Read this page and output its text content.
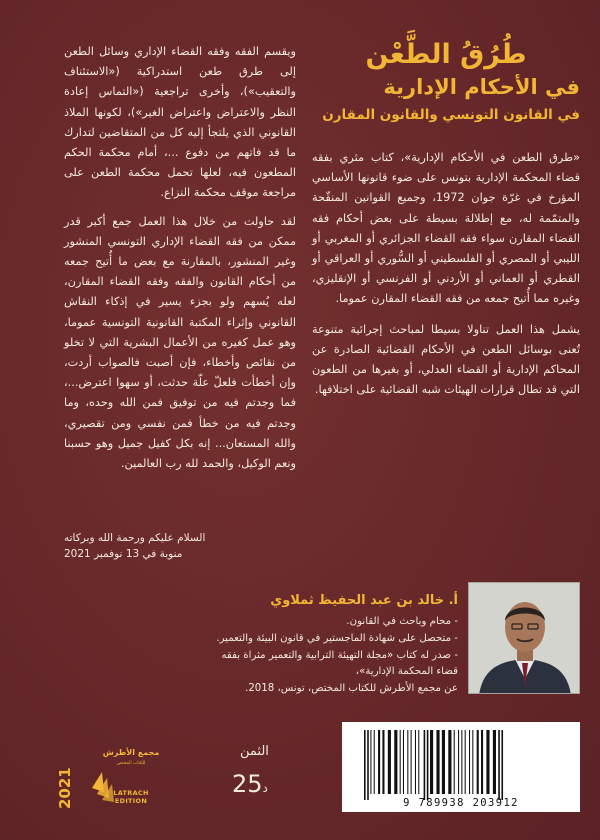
طُرُقُ الطَّعْن
في الأحكام الإدارية
في القانون التونسي والقانون المقارن

«طرق الطعن في الأحكام الإدارية»، كتاب مثري بفقه قضاء المحكمة الإدارية بتونس على ضوء قانونها الأساسي المؤرخ في غرّة جوان 1972، وجميع القوانين المنقّحة والمتمّمة له، مع إطلالة بسيطة على بعض أحكام فقه القضاء المقارن سواء فقه القضاء الجزائري أو المغربي أو الليبي أو المصري أو الفلسطيني أو السُّوري أو العراقي أو القطري أو العماني أو الأردني أو الفرنسي أو الإنقليزي، وغيره مما أُتيح جمعه من فقه القضاء المقارن عموما.

يشمل هذا العمل تناولا بسيطا لمباحث إجرائية متنوعة تُعنى بوسائل الطعن في الأحكام القضائية الصادرة عن المحاكم الإدارية أو القضاء العدلي، أو بغيرها من الطعون التي قد تطال قرارات الهيئات شبه القضائية على اختلافها.

ويقسم الفقه وفقه القضاء الإداري وسائل الطعن إلى طرق طعن استدراكية («الاستئناف والتعقيب»)، وأخرى تراجعية («التماس إعادة النظر والاعتراض واعتراض الغير»)، لكونها الملاذ القانوني الذي يلتجأ إليه كل من المتقاضين لتدارك ما قد فاتهم من دفوع ...، أمام محكمة الحكم المطعون فيه، لعلها تحمل محكمة الطعن على مراجعة موقف محكمة النزاع.

لقد حاولت من خلال هذا العمل جمع أكبر قدر ممكن من فقه القضاء الإداري التونسي المنشور وغير المنشور، بالمقارنة مع بعض ما أُتيح جمعه من أحكام القانون والفقه وفقه القضاء المقارن، لعله يُسهم ولو بجزء يسير في إذكاء النقاش القانوني وإثراء المكتبة القانونية التونسية عموما، وهو عمل كغيره من الأعمال البشرية التي لا تخلو من نقائص وأخطاء، فإن أصبت فالصواب أردت، وإن أخطأت فلعلّ علّة حدثت، أو سهوا اعترض...، فما وجدتم فيه من توفيق فمن الله وحده، وما وجدتم فيه من خطأ فمن نفسي ومن تقصيري، والله المستعان... إنه بكل كفيل جميل وهو حسبنا ونعم الوكيل، والحمد لله رب العالمين.

السلام عليكم ورحمة الله وبركاته
منوبة في 13 نوفمبر 2021
أ. خالد بن عبد الحفيظ ثملاوي
- محام وباحث في القانون.
- متحصل على شهادة الماجستير في قانون البيئة والتعمير.
- صدر له كتاب «مجلة التهيئة الترابية والتعمير مثراة بفقه قضاء المحكمة الإدارية»،
عن مجمع الأطرش للكتاب المختص، تونس، 2018.
9 789938 203912
الثمن
د25
2021
مجمع الأطرش
للكتاب المختص
LATRACH EDITION
